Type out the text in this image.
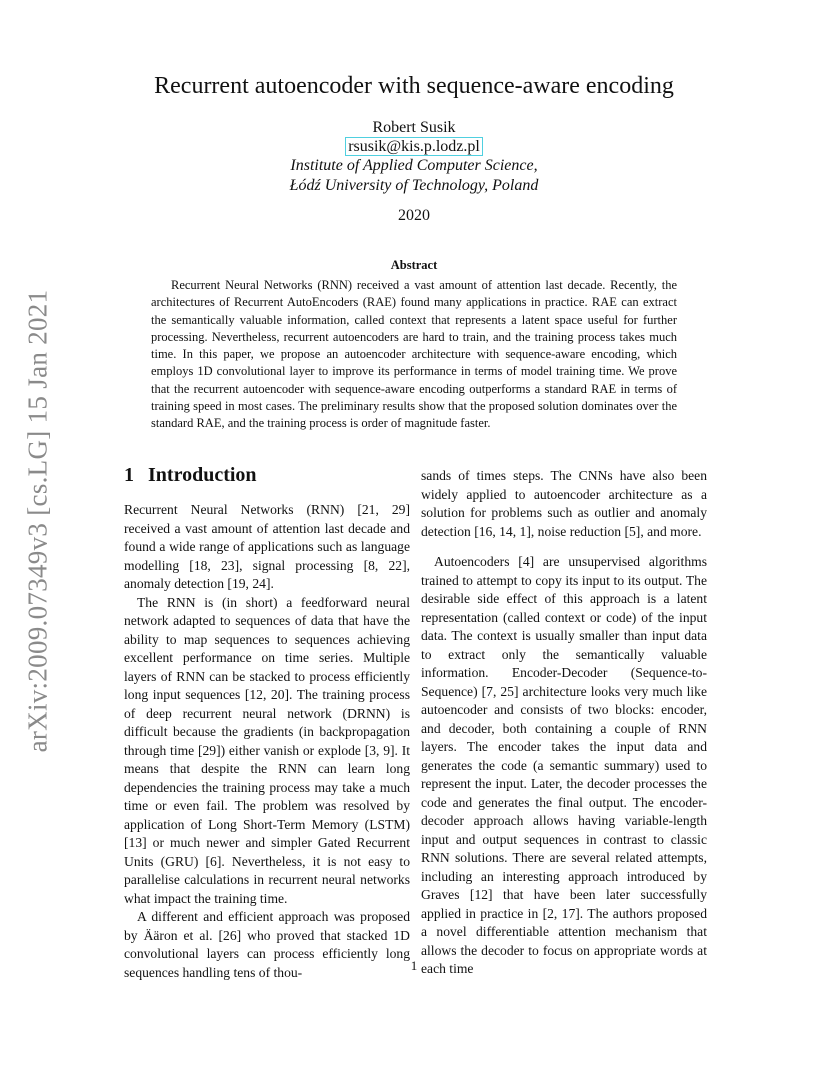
arXiv:2009.07349v3 [cs.LG] 15 Jan 2021
Recurrent autoencoder with sequence-aware encoding
Robert Susik
rsusik@kis.p.lodz.pl
Institute of Applied Computer Science,
Łódź University of Technology, Poland
2020
Abstract

Recurrent Neural Networks (RNN) received a vast amount of attention last decade. Recently, the architectures of Recurrent AutoEncoders (RAE) found many applications in practice. RAE can extract the semantically valuable information, called context that represents a latent space useful for further processing. Nevertheless, recurrent autoencoders are hard to train, and the training process takes much time. In this paper, we propose an autoencoder architecture with sequence-aware encoding, which employs 1D convolutional layer to improve its performance in terms of model training time. We prove that the recurrent autoencoder with sequence-aware encoding outperforms a standard RAE in terms of training speed in most cases. The preliminary results show that the proposed solution dominates over the standard RAE, and the training process is order of magnitude faster.

1 Introduction

Recurrent Neural Networks (RNN) [21, 29] received a vast amount of attention last decade and found a wide range of applications such as language modelling [18, 23], signal processing [8, 22], anomaly detection [19, 24].

The RNN is (in short) a feedforward neural network adapted to sequences of data that have the ability to map sequences to sequences achieving excellent performance on time series. Multiple layers of RNN can be stacked to process efficiently long input sequences [12, 20]. The training process of deep recurrent neural network (DRNN) is difficult because the gradients (in backpropagation through time [29]) either vanish or explode [3, 9]. It means that despite the RNN can learn long dependencies the training process may take a much time or even fail. The problem was resolved by application of Long Short-Term Memory (LSTM) [13] or much newer and simpler Gated Recurrent Units (GRU) [6]. Nevertheless, it is not easy to parallelise calculations in recurrent neural networks what impact the training time.

A different and efficient approach was proposed by Ääron et al. [26] who proved that stacked 1D convolutional layers can process efficiently long sequences handling tens of thou-

sands of times steps. The CNNs have also been widely applied to autoencoder architecture as a solution for problems such as outlier and anomaly detection [16, 14, 1], noise reduction [5], and more.

Autoencoders [4] are unsupervised algorithms trained to attempt to copy its input to its output. The desirable side effect of this approach is a latent representation (called context or code) of the input data. The context is usually smaller than input data to extract only the semantically valuable information. Encoder-Decoder (Sequence-to-Sequence) [7, 25] architecture looks very much like autoencoder and consists of two blocks: encoder, and decoder, both containing a couple of RNN layers. The encoder takes the input data and generates the code (a semantic summary) used to represent the input. Later, the decoder processes the code and generates the final output. The encoder-decoder approach allows having variable-length input and output sequences in contrast to classic RNN solutions. There are several related attempts, including an interesting approach introduced by Graves [12] that have been later successfully applied in practice in [2, 17]. The authors proposed a novel differentiable attention mechanism that allows the decoder to focus on appropriate words at each time

1
